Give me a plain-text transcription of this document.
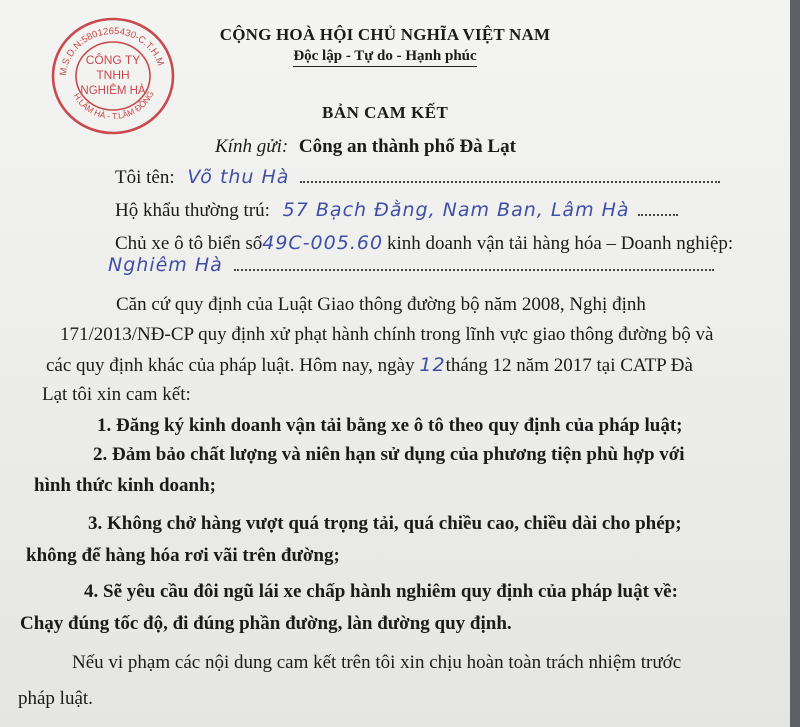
M.S.D.N:5801265430-C.T.H.M
H.LÂM HÀ - T.LÂM ĐỒNG
CÔNG TY
TNHH
NGHIÊM HÀ
CỘNG HOÀ HỘI CHỦ NGHĨA VIỆT NAM
Độc lập - Tự do - Hạnh phúc
BẢN CAM KẾT
Kính gửi: Công an thành phố Đà Lạt
Tôi tên: Võ thu Hà
Hộ khẩu thường trú: 57 Bạch Đằng, Nam Ban, Lâm Hà
Chủ xe ô tô biển số49C-005.60 kinh doanh vận tải hàng hóa – Doanh nghiệp:
Nghiêm Hà
Căn cứ quy định của Luật Giao thông đường bộ năm 2008, Nghị định
171/2013/NĐ-CP quy định xử phạt hành chính trong lĩnh vực giao thông đường bộ và
các quy định khác của pháp luật. Hôm nay, ngày 12tháng 12 năm 2017 tại CATP Đà
Lạt tôi xin cam kết:
1. Đăng ký kinh doanh vận tải bằng xe ô tô theo quy định của pháp luật;
2. Đảm bảo chất lượng và niên hạn sử dụng của phương tiện phù hợp với
hình thức kinh doanh;
3. Không chở hàng vượt quá trọng tải, quá chiều cao, chiều dài cho phép;
không để hàng hóa rơi vãi trên đường;
4. Sẽ yêu cầu đôi ngũ lái xe chấp hành nghiêm quy định của pháp luật về:
Chạy đúng tốc độ, đi đúng phần đường, làn đường quy định.
Nếu vi phạm các nội dung cam kết trên tôi xin chịu hoàn toàn trách nhiệm trước
pháp luật.
